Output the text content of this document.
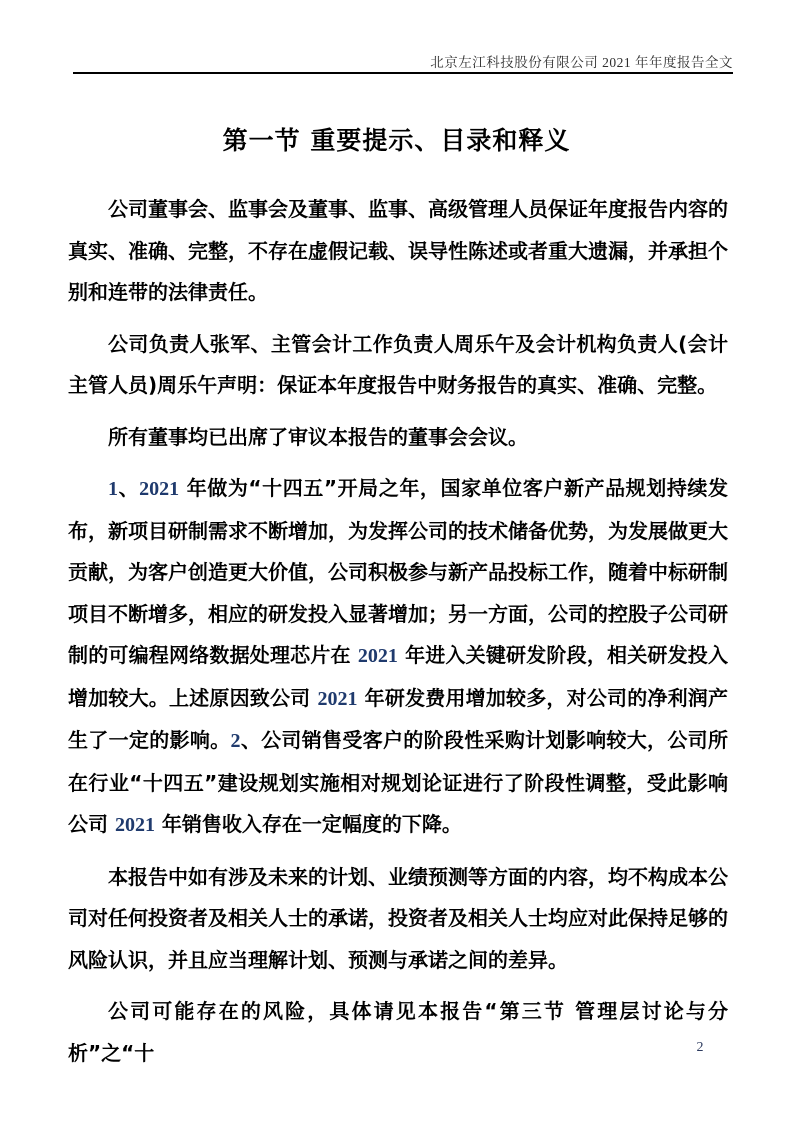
北京左江科技股份有限公司 2021 年年度报告全文
第一节 重要提示、目录和释义

公司董事会、监事会及董事、监事、高级管理人员保证年度报告内容的真实、准确、完整，不存在虚假记载、误导性陈述或者重大遗漏，并承担个别和连带的法律责任。

公司负责人张军、主管会计工作负责人周乐午及会计机构负责人(会计主管人员)周乐午声明：保证本年度报告中财务报告的真实、准确、完整。

所有董事均已出席了审议本报告的董事会会议。

1、2021 年做为“十四五”开局之年，国家单位客户新产品规划持续发布，新项目研制需求不断增加，为发挥公司的技术储备优势，为发展做更大贡献，为客户创造更大价值，公司积极参与新产品投标工作，随着中标研制项目不断增多，相应的研发投入显著增加；另一方面，公司的控股子公司研制的可编程网络数据处理芯片在 2021 年进入关键研发阶段，相关研发投入增加较大。上述原因致公司 2021 年研发费用增加较多，对公司的净利润产生了一定的影响。2、公司销售受客户的阶段性采购计划影响较大，公司所在行业“十四五”建设规划实施相对规划论证进行了阶段性调整，受此影响公司 2021 年销售收入存在一定幅度的下降。

本报告中如有涉及未来的计划、业绩预测等方面的内容，均不构成本公司对任何投资者及相关人士的承诺，投资者及相关人士均应对此保持足够的风险认识，并且应当理解计划、预测与承诺之间的差异。

公司可能存在的风险，具体请见本报告“第三节 管理层讨论与分析”之“十	2
